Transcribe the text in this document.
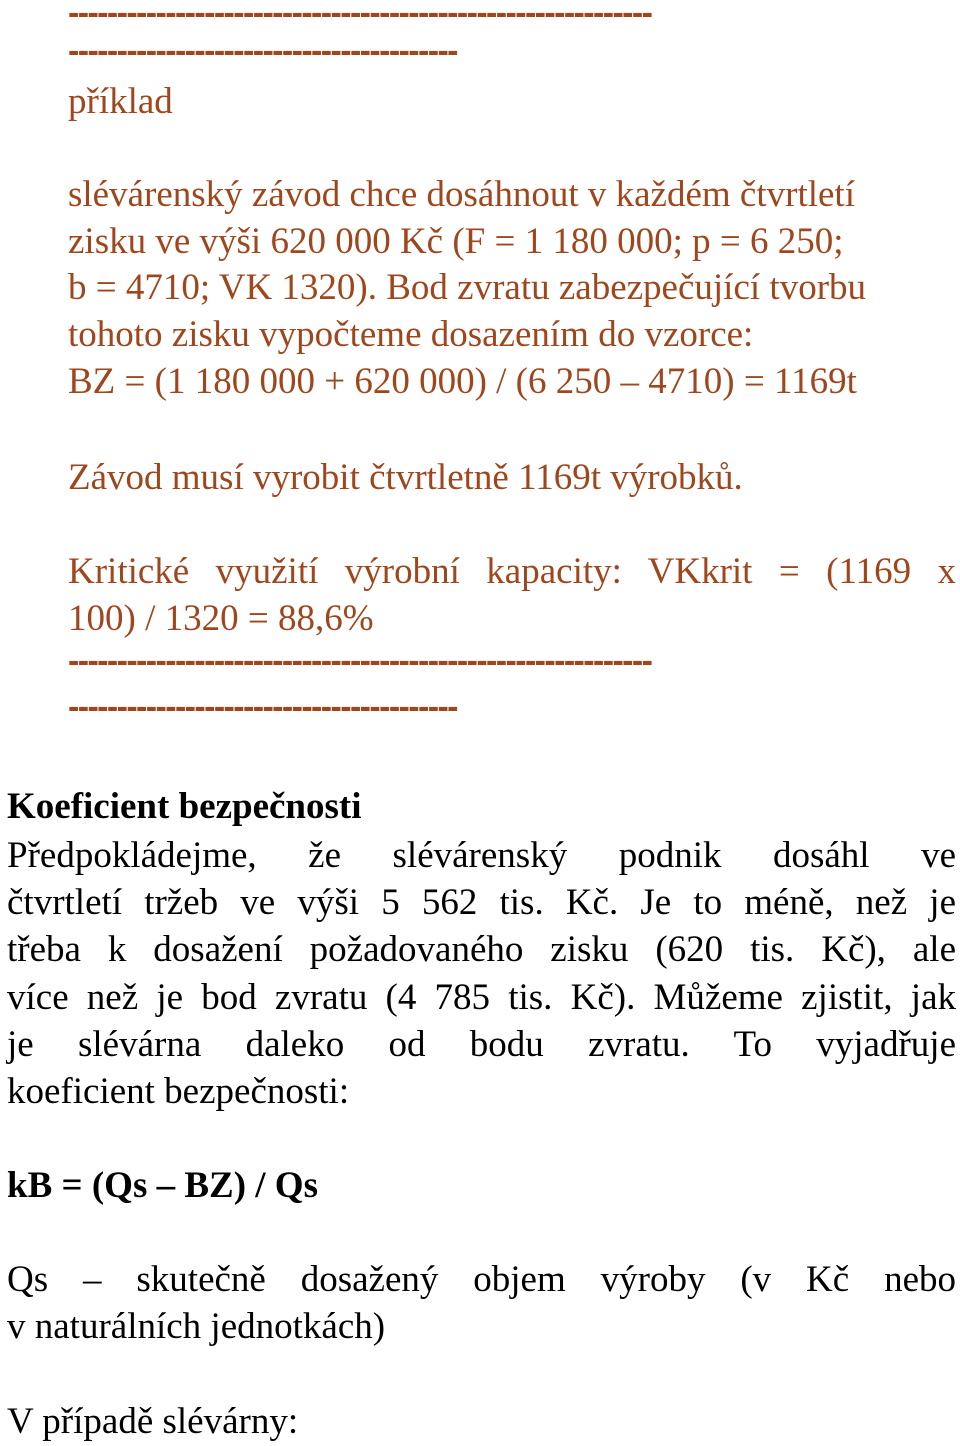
------------------------------------------------------------
----------------------------------------
příklad
slévárenský závod chce dosáhnout v každém čtvrtletí
zisku ve výši 620 000 Kč (F = 1 180 000; p = 6 250;
b = 4710; VK 1320). Bod zvratu zabezpečující tvorbu
tohoto zisku vypočteme dosazením do vzorce:
BZ = (1 180 000 + 620 000) / (6 250 – 4710) = 1169t
Závod musí vyrobit čtvrtletně 1169t výrobků.
Kritické využití výrobní kapacity: VKkrit = (1169 x
100) / 1320 = 88,6%
------------------------------------------------------------
----------------------------------------
Koeficient bezpečnosti
Předpokládejme, že slévárenský podnik dosáhl ve
čtvrtletí tržeb ve výši 5 562 tis. Kč. Je to méně, než je
třeba k dosažení požadovaného zisku (620 tis. Kč), ale
více než je bod zvratu (4 785 tis. Kč). Můžeme zjistit, jak
je slévárna daleko od bodu zvratu. To vyjadřuje
koeficient bezpečnosti:
kB = (Qs – BZ) / Qs
Qs – skutečně dosažený objem výroby (v Kč nebo
v naturálních jednotkách)
V případě slévárny:
